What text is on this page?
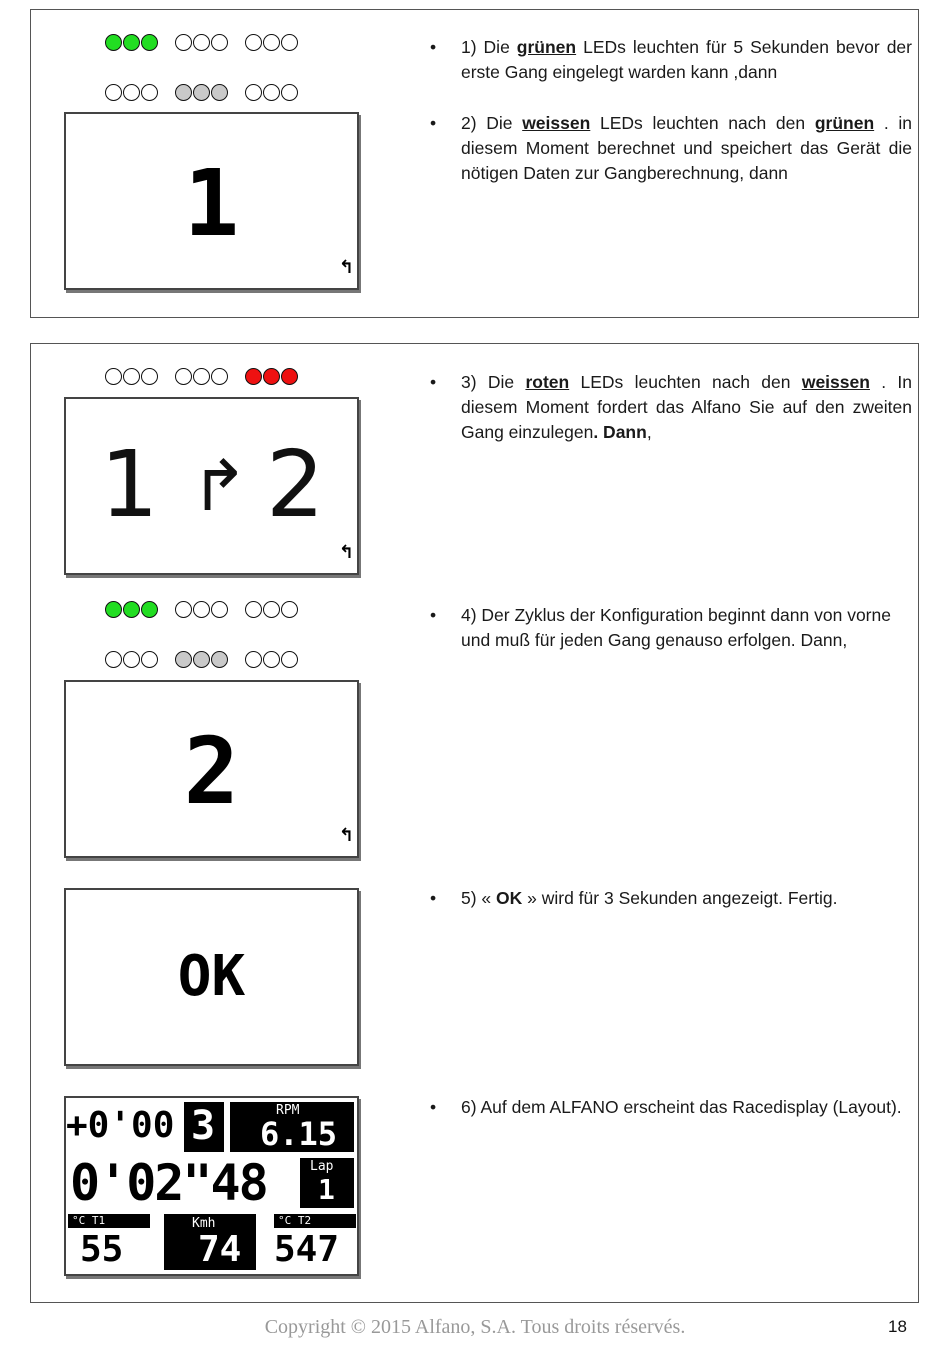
1
↰
• 1) Die grünen LEDs leuchten für 5 Sekunden bevor der erste Gang eingelegt warden kann ,dann
• 2) Die weissen LEDs leuchten nach den grünen . in diesem Moment berechnet und speichert das Gerät die nötigen Daten zur Gangberechnung, dann
1 ↱ 2
↰
• 3) Die roten LEDs leuchten nach den weissen . In diesem Moment fordert das Alfano Sie auf den zweiten Gang einzulegen. Dann,
2
↰
• 4) Der Zyklus der Konfiguration beginnt dann von vorne und muß für jeden Gang genauso erfolgen. Dann,
OK
• 5) « OK » wird für 3 Sekunden angezeigt. Fertig.
+0'00 3	RPM
6.15
0'02"48	Lap
1
°C T1
55
Kmh
74
°C T2
547
• 6) Auf dem ALFANO erscheint das Racedisplay (Layout).
Copyright © 2015 Alfano, S.A. Tous droits réservés.	18
